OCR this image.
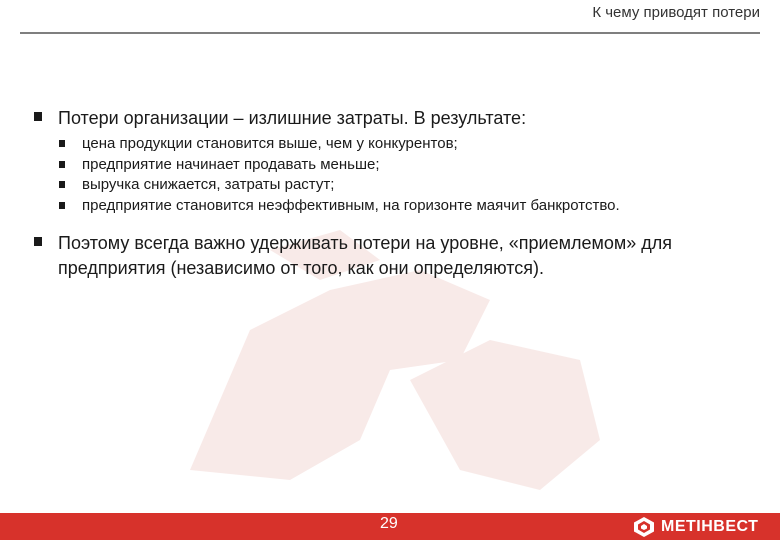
К чему приводят потери
Потери организации – излишние затраты. В результате:
цена продукции становится выше, чем у конкурентов;
предприятие начинает продавать меньше;
выручка снижается, затраты растут;
предприятие становится неэффективным, на горизонте маячит банкротство.
Поэтому всегда важно удерживать потери на уровне, «приемлемом» для предприятия (независимо от того, как они определяются).
29	МЕТІНВЕСТ
